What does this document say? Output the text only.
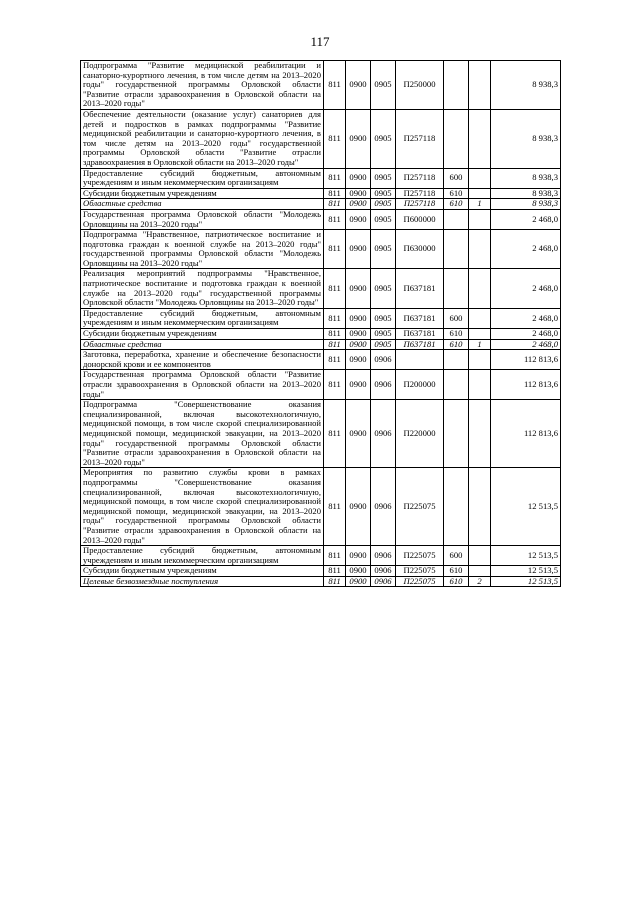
117
Подпрограмма "Развитие медицинской реабилитации и санаторно-курортного лечения, в том числе детям на 2013–2020 годы" государственной программы Орловской области "Развитие отрасли здравоохранения в Орловской области на 2013–2020 годы"	811	0900	0905	П250000			8 938,3
Обеспечение деятельности (оказание услуг) санаториев для детей и подростков в рамках подпрограммы "Развитие медицинской реабилитации и санаторно-курортного лечения, в том числе детям на 2013–2020 годы" государственной программы Орловской области "Развитие отрасли здравоохранения в Орловской области на 2013–2020 годы"	811	0900	0905	П257118			8 938,3
Предоставление субсидий бюджетным, автономным учреждениям и иным некоммерческим организациям	811	0900	0905	П257118	600		8 938,3
Субсидии бюджетным учреждениям	811	0900	0905	П257118	610		8 938,3
Областные средства	811	0900	0905	П257118	610	1	8 938,3
Государственная программа Орловской области "Молодежь Орловщины на 2013–2020 годы"	811	0900	0905	П600000			2 468,0
Подпрограмма "Нравственное, патриотическое воспитание и подготовка граждан к военной службе на 2013–2020 годы" государственной программы Орловской области "Молодежь Орловщины на 2013–2020 годы"	811	0900	0905	П630000			2 468,0
Реализация мероприятий подпрограммы "Нравственное, патриотическое воспитание и подготовка граждан к военной службе на 2013–2020 годы" государственной программы Орловской области "Молодежь Орловщины на 2013–2020 годы"	811	0900	0905	П637181			2 468,0
Предоставление субсидий бюджетным, автономным учреждениям и иным некоммерческим организациям	811	0900	0905	П637181	600		2 468,0
Субсидии бюджетным учреждениям	811	0900	0905	П637181	610		2 468,0
Областные средства	811	0900	0905	П637181	610	1	2 468,0
Заготовка, переработка, хранение и обеспечение безопасности донорской крови и ее компонентов	811	0900	0906				112 813,6
Государственная программа Орловской области "Развитие отрасли здравоохранения в Орловской области на 2013–2020 годы"	811	0900	0906	П200000			112 813,6
Подпрограмма "Совершенствование оказания специализированной, включая высокотехнологичную, медицинской помощи, в том числе скорой специализированной медицинской помощи, медицинской эвакуации, на 2013–2020 годы" государственной программы Орловской области "Развитие отрасли здравоохранения в Орловской области на 2013–2020 годы"	811	0900	0906	П220000			112 813,6
Мероприятия по развитию службы крови в рамках подпрограммы "Совершенствование оказания специализированной, включая высокотехнологичную, медицинской помощи, в том числе скорой специализированной медицинской помощи, медицинской эвакуации, на 2013–2020 годы" государственной программы Орловской области "Развитие отрасли здравоохранения в Орловской области на 2013–2020 годы"	811	0900	0906	П225075			12 513,5
Предоставление субсидий бюджетным, автономным учреждениям и иным некоммерческим организациям	811	0900	0906	П225075	600		12 513,5
Субсидии бюджетным учреждениям	811	0900	0906	П225075	610		12 513,5
Целевые безвозмездные поступления	811	0900	0906	П225075	610	2	12 513,5
